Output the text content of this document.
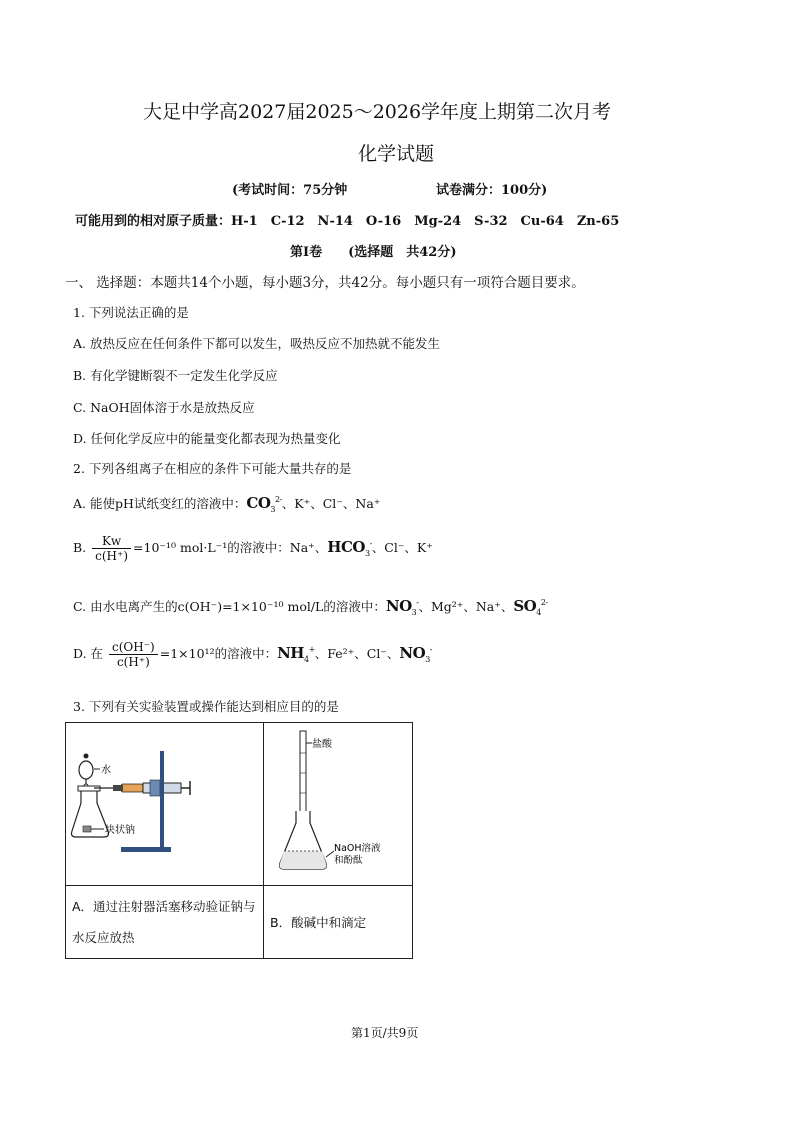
大足中学高2027届2025～2026学年度上期第二次月考
化学试题
(考试时间：75分钟	试卷满分：100分)
可能用到的相对原子质量：H-1　C-12　N-14　O-16　Mg-24　S-32　Cu-64　Zn-65
第Ⅰ卷　　(选择题　共42分)
一、 选择题：本题共14个小题，每小题3分，共42分。每小题只有一项符合题目要求。
1. 下列说法正确的是
A. 放热反应在任何条件下都可以发生，吸热反应不加热就不能发生
B. 有化学键断裂不一定发生化学反应
C. NaOH固体溶于水是放热反应
D. 任何化学反应中的能量变化都表现为热量变化
2. 下列各组离子在相应的条件下可能大量共存的是
A. 能使pH试纸变红的溶液中：$CO_3^{2-}$、K⁺、Cl⁻、Na⁺
B. $\frac{Kw}{c(H^+)} =10^{-10}$ mol·L⁻¹的溶液中：Na⁺、$HCO_3^-$、Cl⁻、K⁺
C. 由水电离产生的c(OH⁻)=1×10⁻¹⁰ mol/L的溶液中：$NO_3^-$、Mg²⁺、Na⁺、$SO_4^{2-}$
D. 在 $\frac{c(OH^-)}{c(H^+)} =1\times 10^{12}$的溶液中：$NH_4^+$、Fe²⁺、Cl⁻、$NO_3^-$
3. 下列有关实验装置或操作能达到相应目的的是
水
块状钠	盐酸
NaOH溶液
和酚酞

A．通过注射器活塞移动验证钠与水反应放热	B．酸碱中和滴定
第1页/共9页
